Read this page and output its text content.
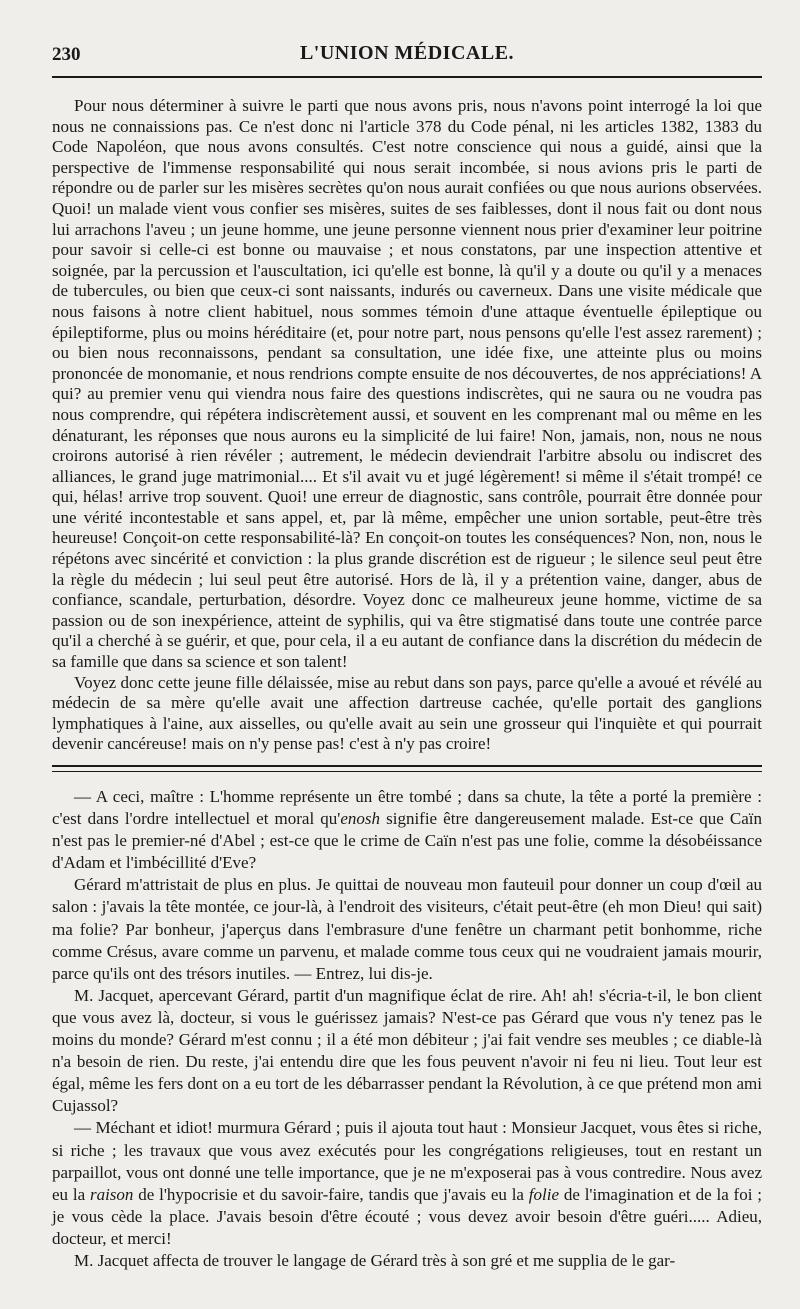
230	L'UNION MÉDICALE.

Pour nous déterminer à suivre le parti que nous avons pris, nous n'avons point interrogé la loi que nous ne connaissions pas. Ce n'est donc ni l'article 378 du Code pénal, ni les articles 1382, 1383 du Code Napoléon, que nous avons consultés. C'est notre conscience qui nous a guidé, ainsi que la perspective de l'immense responsabilité qui nous serait incombée, si nous avions pris le parti de répondre ou de parler sur les misères secrètes qu'on nous aurait confiées ou que nous aurions observées. Quoi! un malade vient vous confier ses misères, suites de ses faiblesses, dont il nous fait ou dont nous lui arrachons l'aveu ; un jeune homme, une jeune personne viennent nous prier d'examiner leur poitrine pour savoir si celle-ci est bonne ou mauvaise ; et nous constatons, par une inspection attentive et soignée, par la percussion et l'auscultation, ici qu'elle est bonne, là qu'il y a doute ou qu'il y a menaces de tubercules, ou bien que ceux-ci sont naissants, indurés ou caverneux. Dans une visite médicale que nous faisons à notre client habituel, nous sommes témoin d'une attaque éventuelle épileptique ou épileptiforme, plus ou moins héréditaire (et, pour notre part, nous pensons qu'elle l'est assez rarement) ; ou bien nous reconnaissons, pendant sa consultation, une idée fixe, une atteinte plus ou moins prononcée de monomanie, et nous rendrions compte ensuite de nos découvertes, de nos appréciations! A qui? au premier venu qui viendra nous faire des questions indiscrètes, qui ne saura ou ne voudra pas nous comprendre, qui répétera indiscrètement aussi, et souvent en les comprenant mal ou même en les dénaturant, les réponses que nous aurons eu la simplicité de lui faire! Non, jamais, non, nous ne nous croirons autorisé à rien révéler ; autrement, le médecin deviendrait l'arbitre absolu ou indiscret des alliances, le grand juge matrimonial.... Et s'il avait vu et jugé légèrement! si même il s'était trompé! ce qui, hélas! arrive trop souvent. Quoi! une erreur de diagnostic, sans contrôle, pourrait être donnée pour une vérité incontestable et sans appel, et, par là même, empêcher une union sortable, peut-être très heureuse! Conçoit-on cette responsabilité-là? En conçoit-on toutes les conséquences? Non, non, nous le répétons avec sincérité et conviction : la plus grande discrétion est de rigueur ; le silence seul peut être la règle du médecin ; lui seul peut être autorisé. Hors de là, il y a prétention vaine, danger, abus de confiance, scandale, perturbation, désordre. Voyez donc ce malheureux jeune homme, victime de sa passion ou de son inexpérience, atteint de syphilis, qui va être stigmatisé dans toute une contrée parce qu'il a cherché à se guérir, et que, pour cela, il a eu autant de confiance dans la discrétion du médecin de sa famille que dans sa science et son talent!

Voyez donc cette jeune fille délaissée, mise au rebut dans son pays, parce qu'elle a avoué et révélé au médecin de sa mère qu'elle avait une affection dartreuse cachée, qu'elle portait des ganglions lymphatiques à l'aine, aux aisselles, ou qu'elle avait au sein une grosseur qui l'inquiète et qui pourrait devenir cancéreuse! mais on n'y pense pas! c'est à n'y pas croire!

— A ceci, maître : L'homme représente un être tombé ; dans sa chute, la tête a porté la première : c'est dans l'ordre intellectuel et moral qu'enosh signifie être dangereusement malade. Est-ce que Caïn n'est pas le premier-né d'Abel ; est-ce que le crime de Caïn n'est pas une folie, comme la désobéissance d'Adam et l'imbécillité d'Eve?

Gérard m'attristait de plus en plus. Je quittai de nouveau mon fauteuil pour donner un coup d'œil au salon : j'avais la tête montée, ce jour-là, à l'endroit des visiteurs, c'était peut-être (eh mon Dieu! qui sait) ma folie? Par bonheur, j'aperçus dans l'embrasure d'une fenêtre un charmant petit bonhomme, riche comme Crésus, avare comme un parvenu, et malade comme tous ceux qui ne voudraient jamais mourir, parce qu'ils ont des trésors inutiles. — Entrez, lui dis-je.

M. Jacquet, apercevant Gérard, partit d'un magnifique éclat de rire. Ah! ah! s'écria-t-il, le bon client que vous avez là, docteur, si vous le guérissez jamais? N'est-ce pas Gérard que vous n'y tenez pas le moins du monde? Gérard m'est connu ; il a été mon débiteur ; j'ai fait vendre ses meubles ; ce diable-là n'a besoin de rien. Du reste, j'ai entendu dire que les fous peuvent n'avoir ni feu ni lieu. Tout leur est égal, même les fers dont on a eu tort de les débarrasser pendant la Révolution, à ce que prétend mon ami Cujassol?

— Méchant et idiot! murmura Gérard ; puis il ajouta tout haut : Monsieur Jacquet, vous êtes si riche, si riche ; les travaux que vous avez exécutés pour les congrégations religieuses, tout en restant un parpaillot, vous ont donné une telle importance, que je ne m'exposerai pas à vous contredire. Nous avez eu la raison de l'hypocrisie et du savoir-faire, tandis que j'avais eu la folie de l'imagination et de la foi ; je vous cède la place. J'avais besoin d'être écouté ; vous devez avoir besoin d'être guéri..... Adieu, docteur, et merci!

M. Jacquet affecta de trouver le langage de Gérard très à son gré et me supplia de le gar-
